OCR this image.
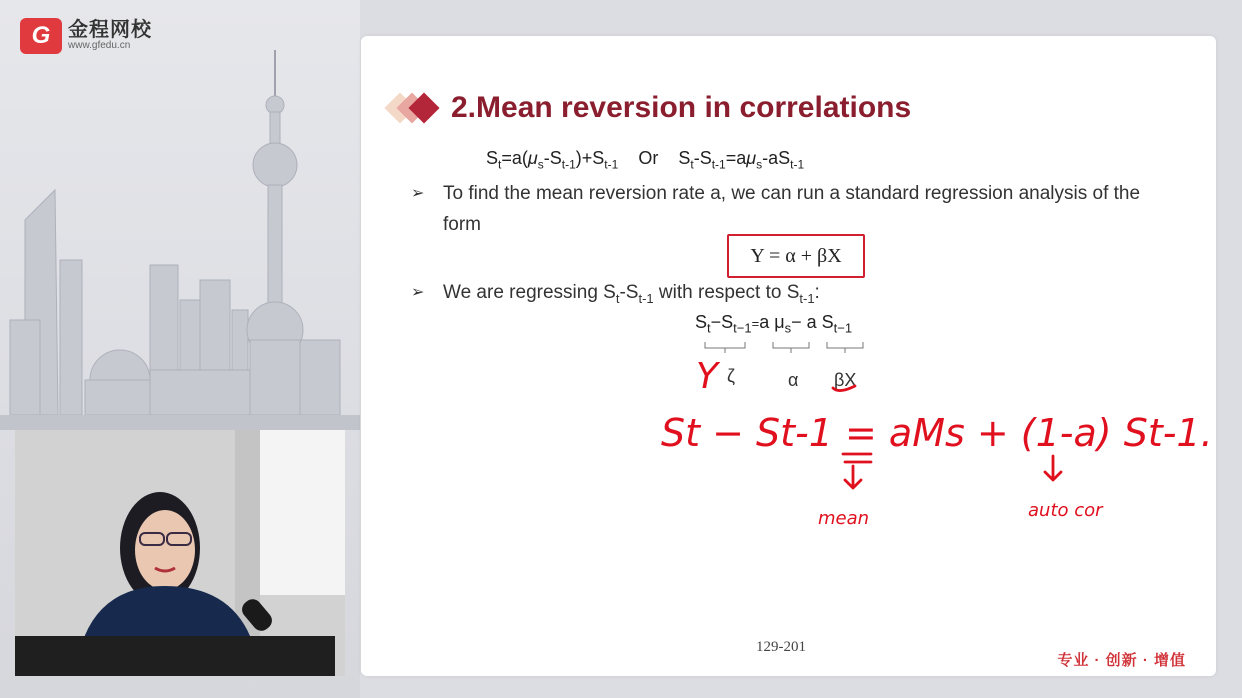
G 金程网校
www.gfedu.cn
2.Mean reversion in correlations
$S_t=a(\mu_s-S_{t-1})+S_{t-1}$ Or $S_t-S_{t-1}=a\mu_s-aS_{t-1}$
➢ To find the mean reversion rate a, we can run a standard regression analysis of the form
Y = α + βX
➢ We are regressing $S_t-S_{t-1}$ with respect to $S_{t-1}$:
$S_t-S_{t-1}=a$ $\mu_s- a$ $S_{t-1}$
ζ	α βX
Y
St − St-1 = aMs + (1-a) St-1.
mean	auto cor
129-201
专业 · 创新 · 增值
